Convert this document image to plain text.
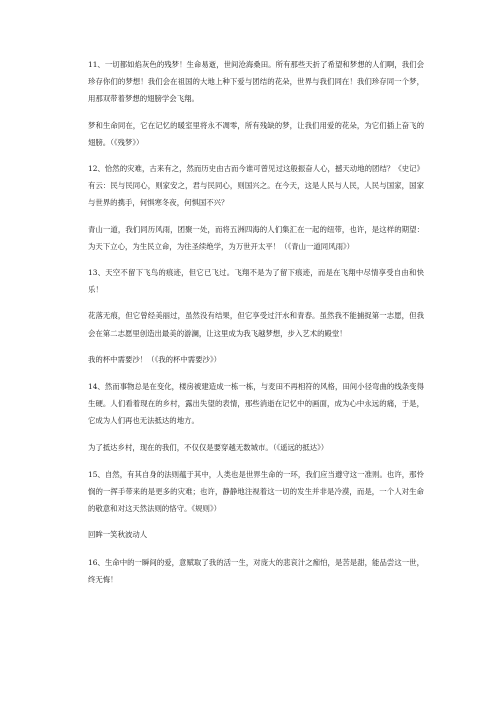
11、一切都如焰灰色的残梦！生命易逝，世间沧海桑田。所有那些天折了希望和梦想的人们啊，我们会珍存你们的梦想！我们会在祖国的大地上种下爱与团结的花朵，世界与我们同在！我们珍存同一个梦，用那双带着梦想的翅膀学会飞翔。

梦和生命同在，它在记忆的暖室里将永不凋零，所有残缺的梦，让我们用爱的花朵，为它们插上奋飞的翅膀。（《残梦》）

12、恰然的灾难，古来有之，然而历史由古而今谁可曾见过这般振奋人心，撼天动地的团结？《史记》有云：民与民同心，则家安之，君与民同心，则国兴之。在今天，这是人民与人民，人民与国家，国家与世界的携手，何惧寒冬夜，何惧国不兴？

青山一道，我们同历风雨，团聚一处，而将五洲四海的人们集汇在一起的纽带，也许，是这样的期望：为天下立心，为生民立命，为往圣续绝学，为万世开太平！（《青山一道同风雨》）

13、天空不留下飞鸟的痕迹，但它已飞过。飞翔不是为了留下痕迹，而是在飞翔中尽情享受自由和快乐！

花落无痕，但它曾经美丽过，虽然没有结果，但它享受过汗水和青春。虽然我不能捕捉第一志愿，但我会在第二志愿里创造出最美的游澜，让这里成为我飞越梦想，步入艺术的殿堂！

我的杯中需要沙！（《我的杯中需要沙》）

14、然而事物总是在变化，楼房被建造成一栋一栋，与麦田不再相符的风格，田间小径弯曲的线条变得生硬。人们看着现在的乡村，露出失望的表情，那些消逝在记忆中的画面，成为心中永远的痛，于是，它成为人们再也无法抵达的地方。

为了抵达乡村，现在的我们，不仅仅是要穿越无数城市。（《遥远的抵达》）

15、自然，有其自身的法则蕴于其中，人类也是世界生命的一环，我们应当遵守这一准则。也许，那怜悯的一挥手带来的是更多的灾难；也许，静静地注视着这一切的发生并非是冷漠，而是，一个人对生命的敬意和对这天然法则的恪守。《规则》）

回眸一笑秋波动人

16、生命中的一瞬间的爱，意赋取了我的活一生，对庞大的悲哀汁之痂怕，是苦是甜，能品尝这一世，终无悔！
